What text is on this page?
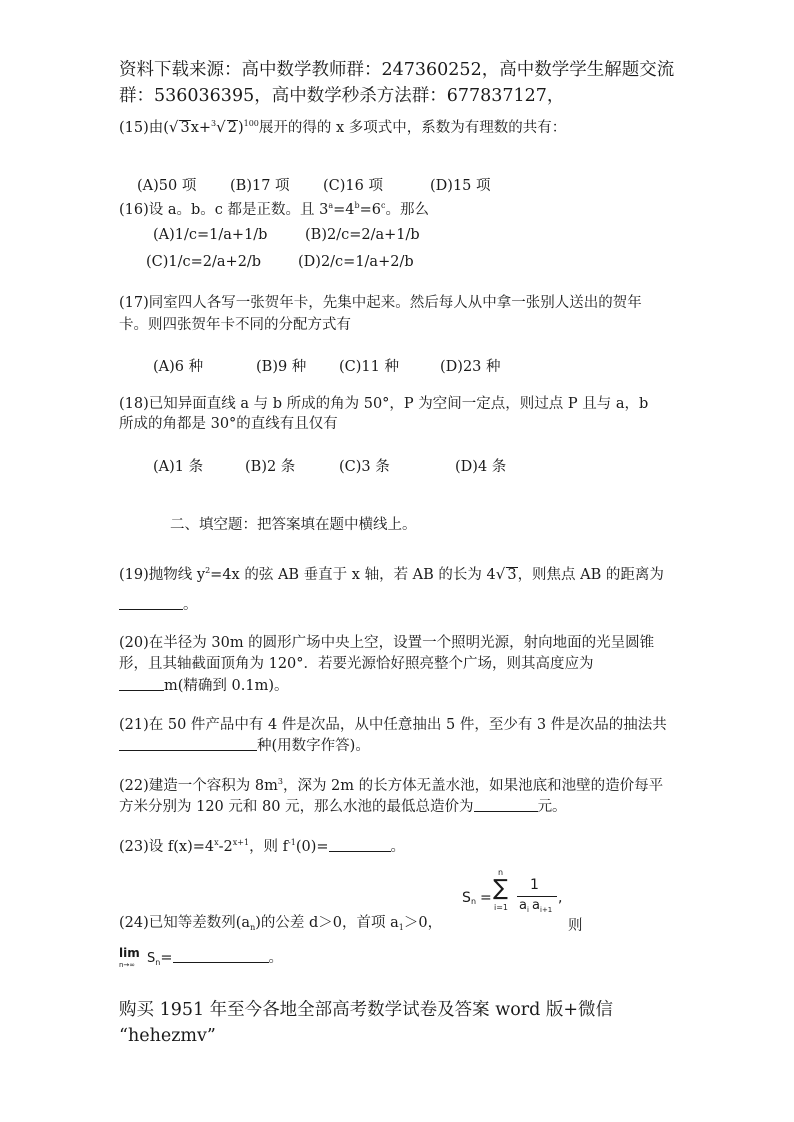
资料下载来源：高中数学教师群：247360252，高中数学学生解题交流
群：536036395，高中数学秒杀方法群：677837127，
(15)由(√ 3x+$^3$√ 2)$^{100}$展开的得的 x 多项式中，系数为有理数的共有：
(A)50 项 (B)17 项 (C)16 项	(D)15 项
(16)设 a。b。c 都是正数。且 $3^a=4^b=6^c$。那么
(A)1/c=1/a+1/b	(B)2/c=2/a+1/b
(C)1/c=2/a+2/b	(D)2/c=1/a+2/b
(17)同室四人各写一张贺年卡，先集中起来。然后每人从中拿一张别人送出的贺年
卡。则四张贺年卡不同的分配方式有
(A)6 种	(B)9 种 (C)11 种	(D)23 种
(18)已知异面直线 a 与 b 所成的角为 50°，P 为空间一定点，则过点 P 且与 a，b
所成的角都是 30°的直线有且仅有
(A)1 条	(B)2 条	(C)3 条	(D)4 条
二、填空题：把答案填在题中横线上。
(19)抛物线 $y^2=4x$ 的弦 AB 垂直于 x 轴，若 AB 的长为 4√ 3，则焦点 AB 的距离为
。
(20)在半径为 30m 的圆形广场中央上空，设置一个照明光源，射向地面的光呈圆锥
形，且其轴截面顶角为 120°．若要光源恰好照亮整个广场，则其高度应为
m(精确到 0.1m)。
(21)在 50 件产品中有 4 件是次品，从中任意抽出 5 件，至少有 3 件是次品的抽法共
种(用数字作答)。
(22)建造一个容积为 $8m^3$，深为 2m 的长方体无盖水池，如果池底和池壁的造价每平
方米分别为 120 元和 80 元，那么水池的最低总造价为	元。
(23)设 $f(x)=4^x-2^{x+1}$，则 $f^{-1}(0)=$	。
(24)已知等差数列$(a_n)$的公差 d＞0，首项 $a_1>0$，
S n =
n
∑
i=1
1
a i a i+1
,
则
lim
n→∞ $S_n=$	。
购买 1951 年至今各地全部高考数学试卷及答案 word 版+微信
“hehezmv”
